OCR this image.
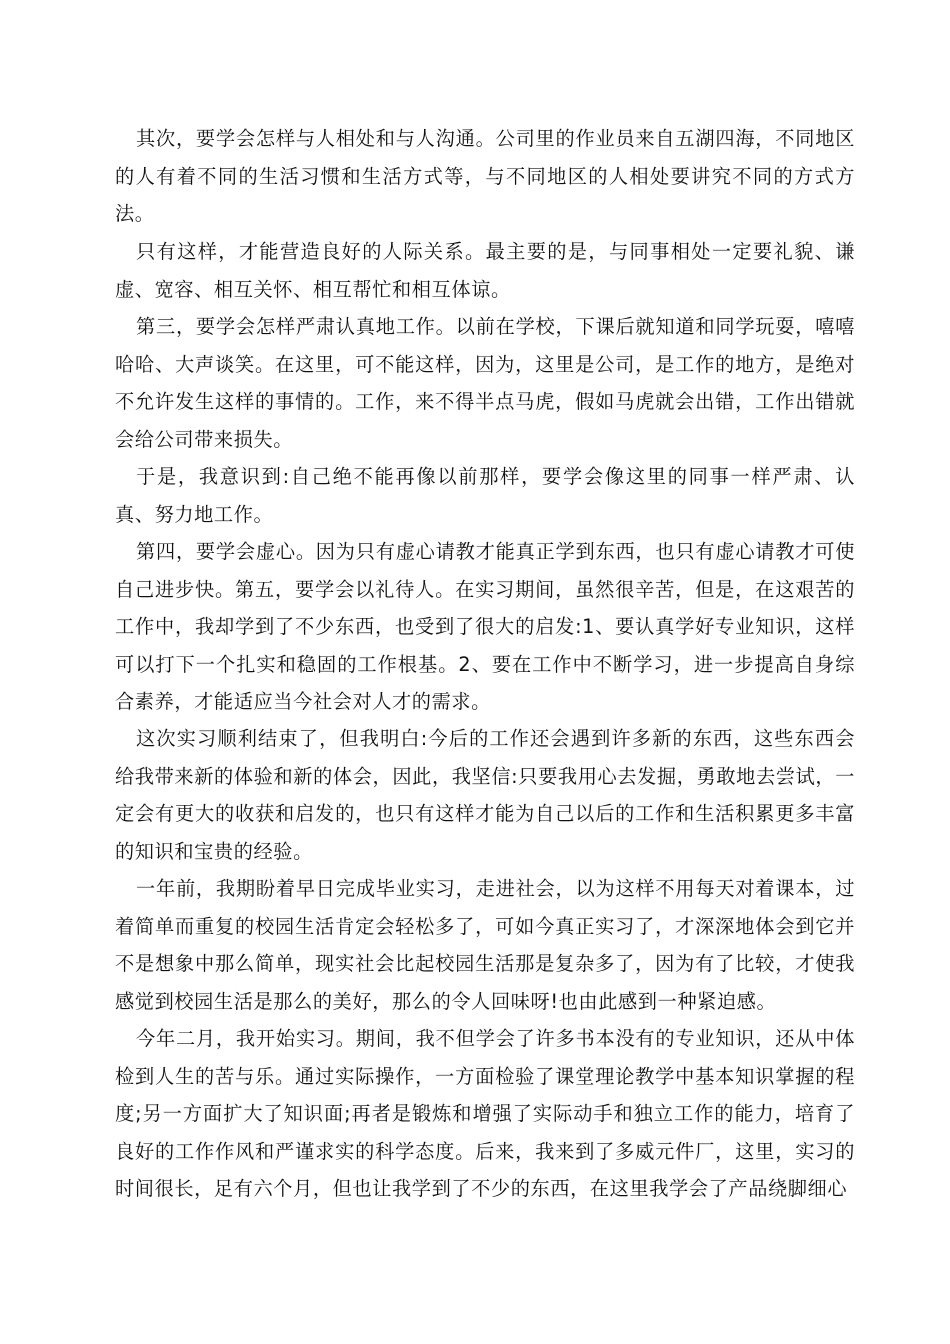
其次，要学会怎样与人相处和与人沟通。公司里的作业员来自五湖四海，不同地区的人有着不同的生活习惯和生活方式等，与不同地区的人相处要讲究不同的方式方法。

只有这样，才能营造良好的人际关系。最主要的是，与同事相处一定要礼貌、谦虚、宽容、相互关怀、相互帮忙和相互体谅。

第三，要学会怎样严肃认真地工作。以前在学校，下课后就知道和同学玩耍，嘻嘻哈哈、大声谈笑。在这里，可不能这样，因为，这里是公司，是工作的地方，是绝对不允许发生这样的事情的。工作，来不得半点马虎，假如马虎就会出错，工作出错就会给公司带来损失。

于是，我意识到:自己绝不能再像以前那样，要学会像这里的同事一样严肃、认真、努力地工作。

第四，要学会虚心。因为只有虚心请教才能真正学到东西，也只有虚心请教才可使自己进步快。第五，要学会以礼待人。在实习期间，虽然很辛苦，但是，在这艰苦的工作中，我却学到了不少东西，也受到了很大的启发:1、要认真学好专业知识，这样可以打下一个扎实和稳固的工作根基。2、要在工作中不断学习，进一步提高自身综合素养，才能适应当今社会对人才的需求。

这次实习顺利结束了，但我明白:今后的工作还会遇到许多新的东西，这些东西会给我带来新的体验和新的体会，因此，我坚信:只要我用心去发掘，勇敢地去尝试，一定会有更大的收获和启发的，也只有这样才能为自己以后的工作和生活积累更多丰富的知识和宝贵的经验。

一年前，我期盼着早日完成毕业实习，走进社会，以为这样不用每天对着课本，过着简单而重复的校园生活肯定会轻松多了，可如今真正实习了，才深深地体会到它并不是想象中那么简单，现实社会比起校园生活那是复杂多了，因为有了比较，才使我感觉到校园生活是那么的美好，那么的令人回味呀!也由此感到一种紧迫感。

今年二月，我开始实习。期间，我不但学会了许多书本没有的专业知识，还从中体检到人生的苦与乐。通过实际操作，一方面检验了课堂理论教学中基本知识掌握的程度;另一方面扩大了知识面;再者是锻炼和增强了实际动手和独立工作的能力，培育了良好的工作作风和严谨求实的科学态度。后来，我来到了多威元件厂，这里，实习的时间很长，足有六个月，但也让我学到了不少的东西，在这里我学会了产品绕脚细心
